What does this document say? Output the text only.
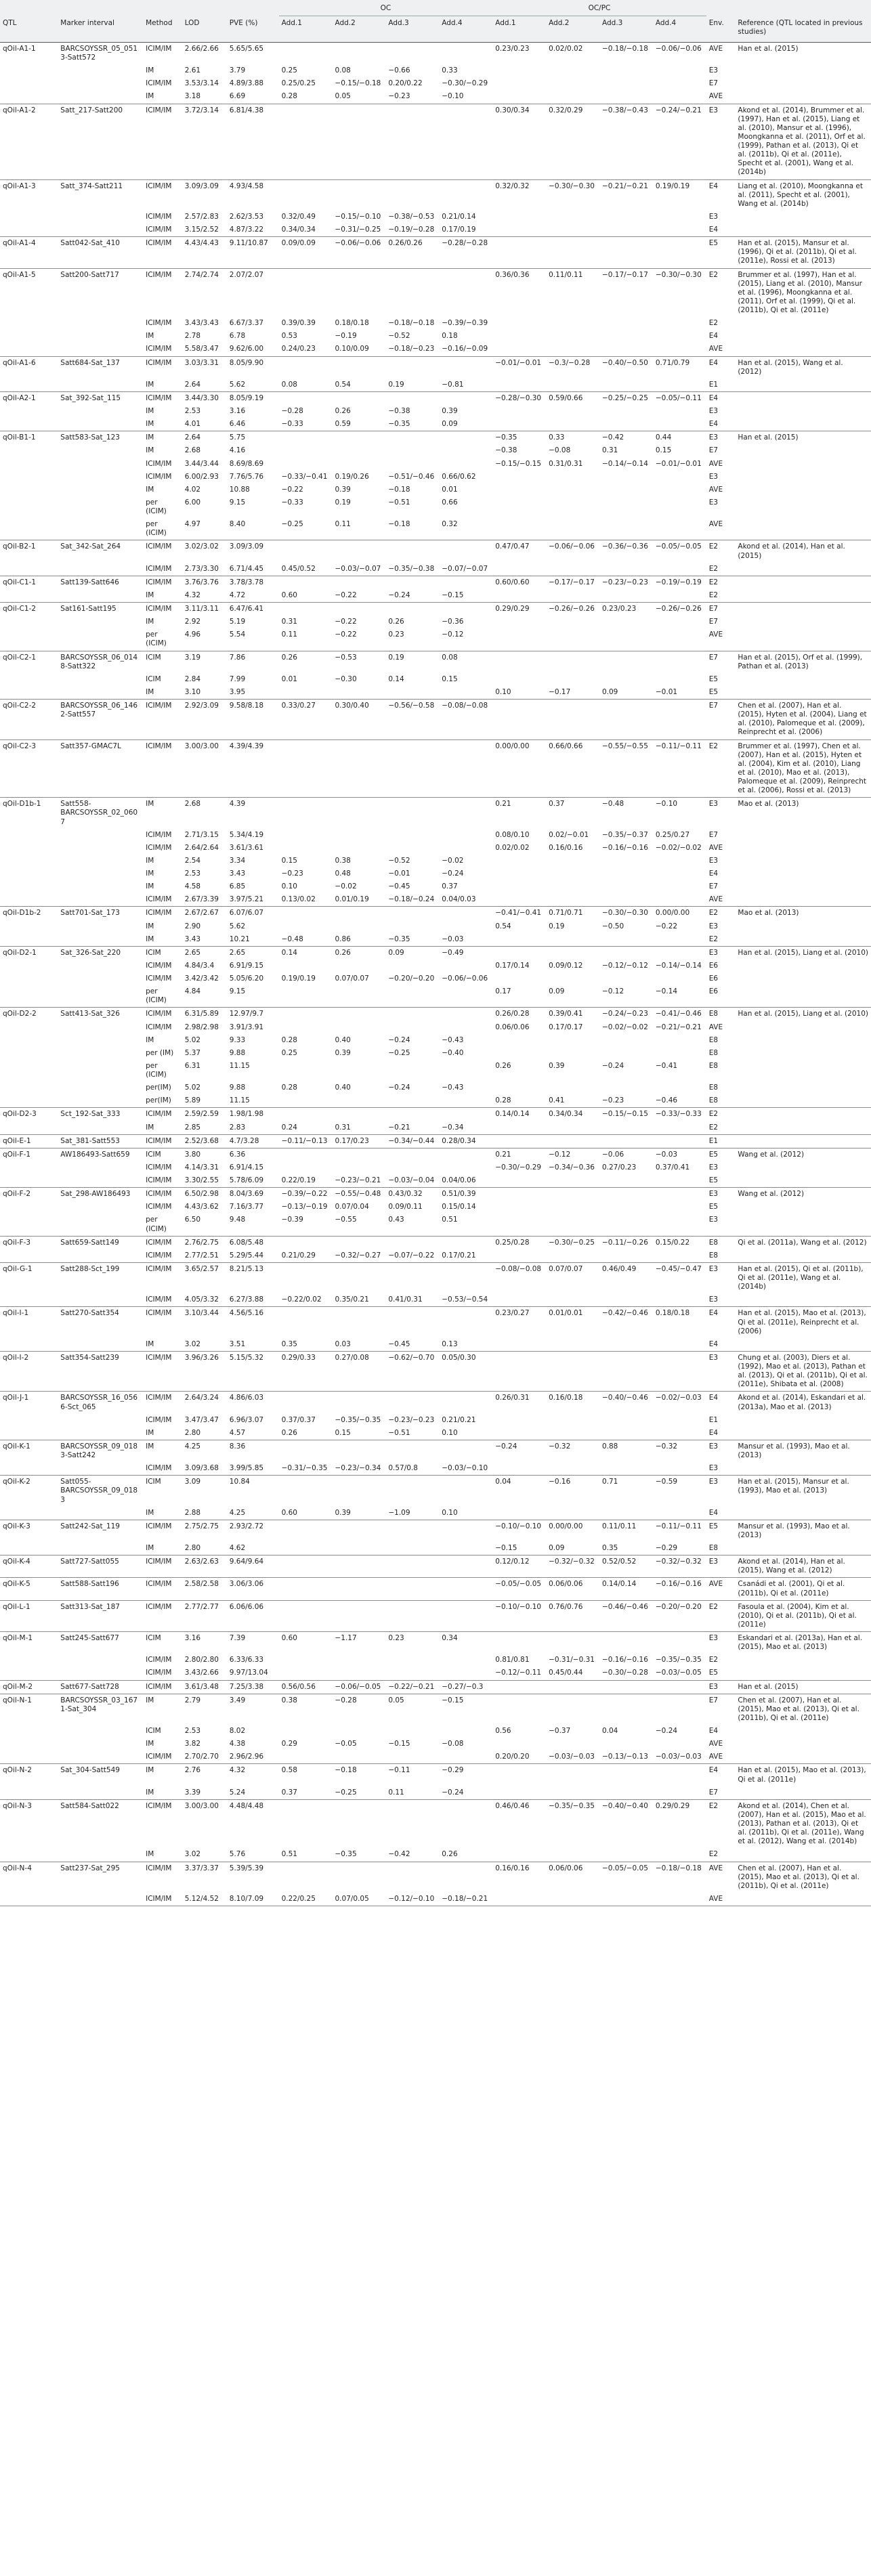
					OC				OC/PC					
QTL	Marker interval	Method	LOD	PVE (%)	Add.1	Add.2	Add.3	Add.4	Add.1	Add.2	Add.3	Add.4	Env.	Reference (QTL located in previous studies)
qOil-A1-1	BARCSOYSSR_05_0513-Satt572	ICIM/IM	2.66/2.66	5.65/5.65					0.23/0.23	0.02/0.02	−0.18/−0.18	−0.06/−0.06	AVE	Han et al. (2015)
		IM	2.61	3.79	0.25	0.08	−0.66	0.33					E3	
		ICIM/IM	3.53/3.14	4.89/3.88	0.25/0.25	−0.15/−0.18	0.20/0.22	−0.30/−0.29					E7	
		IM	3.18	6.69	0.28	0.05	−0.23	−0.10					AVE	
qOil-A1-2	Satt_217-Satt200	ICIM/IM	3.72/3.14	6.81/4.38					0.30/0.34	0.32/0.29	−0.38/−0.43	−0.24/−0.21	E3	Akond et al. (2014), Brummer et al. (1997), Han et al. (2015), Liang et al. (2010), Mansur et al. (1996), Moongkanna et al. (2011), Orf et al. (1999), Pathan et al. (2013), Qi et al. (2011b), Qi et al. (2011e), Specht et al. (2001), Wang et al. (2014b)
qOil-A1-3	Satt_374-Satt211	ICIM/IM	3.09/3.09	4.93/4.58					0.32/0.32	−0.30/−0.30	−0.21/−0.21	0.19/0.19	E4	Liang et al. (2010), Moongkanna et al. (2011), Specht et al. (2001), Wang et al. (2014b)
		ICIM/IM	2.57/2.83	2.62/3.53	0.32/0.49	−0.15/−0.10	−0.38/−0.53	0.21/0.14					E3	
		ICIM/IM	3.15/2.52	4.87/3.22	0.34/0.34	−0.31/−0.25	−0.19/−0.28	0.17/0.19					E4	
qOil-A1-4	Satt042-Sat_410	ICIM/IM	4.43/4.43	9.11/10.87	0.09/0.09	−0.06/−0.06	0.26/0.26	−0.28/−0.28					E5	Han et al. (2015), Mansur et al. (1996), Qi et al. (2011b), Qi et al. (2011e), Rossi et al. (2013)
qOil-A1-5	Satt200-Satt717	ICIM/IM	2.74/2.74	2.07/2.07					0.36/0.36	0.11/0.11	−0.17/−0.17	−0.30/−0.30	E2	Brummer et al. (1997), Han et al. (2015), Liang et al. (2010), Mansur et al. (1996), Moongkanna et al. (2011), Orf et al. (1999), Qi et al. (2011b), Qi et al. (2011e)
		ICIM/IM	3.43/3.43	6.67/3.37	0.39/0.39	0.18/0.18	−0.18/−0.18	−0.39/−0.39					E2	
		IM	2.78	6.78	0.53	−0.19	−0.52	0.18					E4	
		ICIM/IM	5.58/3.47	9.62/6.00	0.24/0.23	0.10/0.09	−0.18/−0.23	−0.16/−0.09					AVE	
qOil-A1-6	Satt684-Sat_137	ICIM/IM	3.03/3.31	8.05/9.90					−0.01/−0.01	−0.3/−0.28	−0.40/−0.50	0.71/0.79	E4	Han et al. (2015), Wang et al. (2012)
		IM	2.64	5.62	0.08	0.54	0.19	−0.81					E1	
qOil-A2-1	Sat_392-Sat_115	ICIM/IM	3.44/3.30	8.05/9.19					−0.28/−0.30	0.59/0.66	−0.25/−0.25	−0.05/−0.11	E4	
		IM	2.53	3.16	−0.28	0.26	−0.38	0.39					E3	
		IM	4.01	6.46	−0.33	0.59	−0.35	0.09					E4	
qOil-B1-1	Satt583-Sat_123	IM	2.64	5.75					−0.35	0.33	−0.42	0.44	E3	Han et al. (2015)
		IM	2.68	4.16					−0.38	−0.08	0.31	0.15	E7	
		ICIM/IM	3.44/3.44	8.69/8.69					−0.15/−0.15	0.31/0.31	−0.14/−0.14	−0.01/−0.01	AVE	
		ICIM/IM	6.00/2.93	7.76/5.76	−0.33/−0.41	0.19/0.26	−0.51/−0.46	0.66/0.62					E3	
		IM	4.02	10.88	−0.22	0.39	−0.18	0.01					AVE	
		per (ICIM)	6.00	9.15	−0.33	0.19	−0.51	0.66					E3	
		per (ICIM)	4.97	8.40	−0.25	0.11	−0.18	0.32					AVE	
qOil-B2-1	Sat_342-Sat_264	ICIM/IM	3.02/3.02	3.09/3.09					0.47/0.47	−0.06/−0.06	−0.36/−0.36	−0.05/−0.05	E2	Akond et al. (2014), Han et al. (2015)
		ICIM/IM	2.73/3.30	6.71/4.45	0.45/0.52	−0.03/−0.07	−0.35/−0.38	−0.07/−0.07					E2	
qOil-C1-1	Satt139-Satt646	ICIM/IM	3.76/3.76	3.78/3.78					0.60/0.60	−0.17/−0.17	−0.23/−0.23	−0.19/−0.19	E2	
		IM	4.32	4.72	0.60	−0.22	−0.24	−0.15					E2	
qOil-C1-2	Sat161-Satt195	ICIM/IM	3.11/3.11	6.47/6.41					0.29/0.29	−0.26/−0.26	0.23/0.23	−0.26/−0.26	E7	
		IM	2.92	5.19	0.31	−0.22	0.26	−0.36					E7	
		per (ICIM)	4.96	5.54	0.11	−0.22	0.23	−0.12					AVE	
qOil-C2-1	BARCSOYSSR_06_0148-Satt322	ICIM	3.19	7.86	0.26	−0.53	0.19	0.08					E7	Han et al. (2015), Orf et al. (1999), Pathan et al. (2013)
		ICIM	2.84	7.99	0.01	−0.30	0.14	0.15					E5	
		IM	3.10	3.95					0.10	−0.17	0.09	−0.01	E5	
qOil-C2-2	BARCSOYSSR_06_1462-Satt557	ICIM/IM	2.92/3.09	9.58/8.18	0.33/0.27	0.30/0.40	−0.56/−0.58	−0.08/−0.08					E7	Chen et al. (2007), Han et al. (2015), Hyten et al. (2004), Liang et al. (2010), Palomeque et al. (2009), Reinprecht et al. (2006)
qOil-C2-3	Satt357-GMAC7L	ICIM/IM	3.00/3.00	4.39/4.39					0.00/0.00	0.66/0.66	−0.55/−0.55	−0.11/−0.11	E2	Brummer et al. (1997), Chen et al. (2007), Han et al. (2015), Hyten et al. (2004), Kim et al. (2010), Liang et al. (2010), Mao et al. (2013), Palomeque et al. (2009), Reinprecht et al. (2006), Rossi et al. (2013)
qOil-D1b-1	Satt558-BARCSOYSSR_02_0607	IM	2.68	4.39					0.21	0.37	−0.48	−0.10	E3	Mao et al. (2013)
		ICIM/IM	2.71/3.15	5.34/4.19					0.08/0.10	0.02/−0.01	−0.35/−0.37	0.25/0.27	E7	
		ICIM/IM	2.64/2.64	3.61/3.61					0.02/0.02	0.16/0.16	−0.16/−0.16	−0.02/−0.02	AVE	
		IM	2.54	3.34	0.15	0.38	−0.52	−0.02					E3	
		IM	2.53	3.43	−0.23	0.48	−0.01	−0.24					E4	
		IM	4.58	6.85	0.10	−0.02	−0.45	0.37					E7	
		ICIM/IM	2.67/3.39	3.97/5.21	0.13/0.02	0.01/0.19	−0.18/−0.24	0.04/0.03					AVE	
qOil-D1b-2	Satt701-Sat_173	ICIM/IM	2.67/2.67	6.07/6.07					−0.41/−0.41	0.71/0.71	−0.30/−0.30	0.00/0.00	E2	Mao et al. (2013)
		IM	2.90	5.62					0.54	0.19	−0.50	−0.22	E3	
		IM	3.43	10.21	−0.48	0.86	−0.35	−0.03					E2	
qOil-D2-1	Sat_326-Sat_220	ICIM	2.65	2.65	0.14	0.26	0.09	−0.49					E3	Han et al. (2015), Liang et al. (2010)
		ICIM/IM	4.84/3.4	6.91/9.15					0.17/0.14	0.09/0.12	−0.12/−0.12	−0.14/−0.14	E6	
		ICIM/IM	3.42/3.42	5.05/6.20	0.19/0.19	0.07/0.07	−0.20/−0.20	−0.06/−0.06					E6	
		per (ICIM)	4.84	9.15					0.17	0.09	−0.12	−0.14	E6	
qOil-D2-2	Satt413-Sat_326	ICIM/IM	6.31/5.89	12.97/9.7					0.26/0.28	0.39/0.41	−0.24/−0.23	−0.41/−0.46	E8	Han et al. (2015), Liang et al. (2010)
		ICIM/IM	2.98/2.98	3.91/3.91					0.06/0.06	0.17/0.17	−0.02/−0.02	−0.21/−0.21	AVE	
		IM	5.02	9.33	0.28	0.40	−0.24	−0.43					E8	
		per (IM)	5.37	9.88	0.25	0.39	−0.25	−0.40					E8	
		per (ICIM)	6.31	11.15					0.26	0.39	−0.24	−0.41	E8	
		per(IM)	5.02	9.88	0.28	0.40	−0.24	−0.43					E8	
		per(IM)	5.89	11.15					0.28	0.41	−0.23	−0.46	E8	
qOil-D2-3	Sct_192-Sat_333	ICIM/IM	2.59/2.59	1.98/1.98					0.14/0.14	0.34/0.34	−0.15/−0.15	−0.33/−0.33	E2	
		IM	2.85	2.83	0.24	0.31	−0.21	−0.34					E2	
qOil-E-1	Sat_381-Satt553	ICIM/IM	2.52/3.68	4.7/3.28	−0.11/−0.13	0.17/0.23	−0.34/−0.44	0.28/0.34					E1	
qOil-F-1	AW186493-Satt659	ICIM	3.80	6.36					0.21	−0.12	−0.06	−0.03	E5	Wang et al. (2012)
		ICIM/IM	4.14/3.31	6.91/4.15					−0.30/−0.29	−0.34/−0.36	0.27/0.23	0.37/0.41	E3	
		ICIM/IM	3.30/2.55	5.78/6.09	0.22/0.19	−0.23/−0.21	−0.03/−0.04	0.04/0.06					E5	
qOil-F-2	Sat_298-AW186493	ICIM/IM	6.50/2.98	8.04/3.69	−0.39/−0.22	−0.55/−0.48	0.43/0.32	0.51/0.39					E3	Wang et al. (2012)
		ICIM/IM	4.43/3.62	7.16/3.77	−0.13/−0.19	0.07/0.04	0.09/0.11	0.15/0.14					E5	
		per (ICIM)	6.50	9.48	−0.39	−0.55	0.43	0.51					E3	
qOil-F-3	Satt659-Satt149	ICIM/IM	2.76/2.75	6.08/5.48					0.25/0.28	−0.30/−0.25	−0.11/−0.26	0.15/0.22	E8	Qi et al. (2011a), Wang et al. (2012)
		ICIM/IM	2.77/2.51	5.29/5.44	0.21/0.29	−0.32/−0.27	−0.07/−0.22	0.17/0.21					E8	
qOil-G-1	Satt288-Sct_199	ICIM/IM	3.65/2.57	8.21/5.13					−0.08/−0.08	0.07/0.07	0.46/0.49	−0.45/−0.47	E3	Han et al. (2015), Qi et al. (2011b), Qi et al. (2011e), Wang et al. (2014b)
		ICIM/IM	4.05/3.32	6.27/3.88	−0.22/0.02	0.35/0.21	0.41/0.31	−0.53/−0.54					E3	
qOil-I-1	Satt270-Satt354	ICIM/IM	3.10/3.44	4.56/5.16					0.23/0.27	0.01/0.01	−0.42/−0.46	0.18/0.18	E4	Han et al. (2015), Mao et al. (2013), Qi et al. (2011e), Reinprecht et al. (2006)
		IM	3.02	3.51	0.35	0.03	−0.45	0.13					E4	
qOil-I-2	Satt354-Satt239	ICIM/IM	3.96/3.26	5.15/5.32	0.29/0.33	0.27/0.08	−0.62/−0.70	0.05/0.30					E3	Chung et al. (2003), Diers et al. (1992), Mao et al. (2013), Pathan et al. (2013), Qi et al. (2011b), Qi et al. (2011e), Shibata et al. (2008)
qOil-J-1	BARCSOYSSR_16_0566-Sct_065	ICIM/IM	2.64/3.24	4.86/6.03					0.26/0.31	0.16/0.18	−0.40/−0.46	−0.02/−0.03	E4	Akond et al. (2014), Eskandari et al. (2013a), Mao et al. (2013)
		ICIM/IM	3.47/3.47	6.96/3.07	0.37/0.37	−0.35/−0.35	−0.23/−0.23	0.21/0.21					E1	
		IM	2.80	4.57	0.26	0.15	−0.51	0.10					E4	
qOil-K-1	BARCSOYSSR_09_0183-Satt242	IM	4.25	8.36					−0.24	−0.32	0.88	−0.32	E3	Mansur et al. (1993), Mao et al. (2013)
		ICIM/IM	3.09/3.68	3.99/5.85	−0.31/−0.35	−0.23/−0.34	0.57/0.8	−0.03/−0.10					E3	
qOil-K-2	Satt055-BARCSOYSSR_09_0183	ICIM	3.09	10.84					0.04	−0.16	0.71	−0.59	E3	Han et al. (2015), Mansur et al. (1993), Mao et al. (2013)
		IM	2.88	4.25	0.60	0.39	−1.09	0.10					E4	
qOil-K-3	Satt242-Sat_119	ICIM/IM	2.75/2.75	2.93/2.72					−0.10/−0.10	0.00/0.00	0.11/0.11	−0.11/−0.11	E5	Mansur et al. (1993), Mao et al. (2013)
		IM	2.80	4.62					−0.15	0.09	0.35	−0.29	E8	
qOil-K-4	Satt727-Satt055	ICIM/IM	2.63/2.63	9.64/9.64					0.12/0.12	−0.32/−0.32	0.52/0.52	−0.32/−0.32	E3	Akond et al. (2014), Han et al. (2015), Wang et al. (2012)
qOil-K-5	Satt588-Satt196	ICIM/IM	2.58/2.58	3.06/3.06					−0.05/−0.05	0.06/0.06	0.14/0.14	−0.16/−0.16	AVE	Csanádi et al. (2001), Qi et al. (2011b), Qi et al. (2011e)
qOil-L-1	Satt313-Sat_187	ICIM/IM	2.77/2.77	6.06/6.06					−0.10/−0.10	0.76/0.76	−0.46/−0.46	−0.20/−0.20	E2	Fasoula et al. (2004), Kim et al. (2010), Qi et al. (2011b), Qi et al. (2011e)
qOil-M-1	Satt245-Satt677	ICIM	3.16	7.39	0.60	−1.17	0.23	0.34					E3	Eskandari et al. (2013a), Han et al. (2015), Mao et al. (2013)
		ICIM/IM	2.80/2.80	6.33/6.33					0.81/0.81	−0.31/−0.31	−0.16/−0.16	−0.35/−0.35	E2	
		ICIM/IM	3.43/2.66	9.97/13.04					−0.12/−0.11	0.45/0.44	−0.30/−0.28	−0.03/−0.05	E5	
qOil-M-2	Satt677-Satt728	ICIM/IM	3.61/3.48	7.25/3.38	0.56/0.56	−0.06/−0.05	−0.22/−0.21	−0.27/−0.3					E3	Han et al. (2015)
qOil-N-1	BARCSOYSSR_03_1671-Sat_304	IM	2.79	3.49	0.38	−0.28	0.05	−0.15					E7	Chen et al. (2007), Han et al. (2015), Mao et al. (2013), Qi et al. (2011b), Qi et al. (2011e)
		ICIM	2.53	8.02					0.56	−0.37	0.04	−0.24	E4	
		IM	3.82	4.38	0.29	−0.05	−0.15	−0.08					AVE	
		ICIM/IM	2.70/2.70	2.96/2.96					0.20/0.20	−0.03/−0.03	−0.13/−0.13	−0.03/−0.03	AVE	
qOil-N-2	Sat_304-Satt549	IM	2.76	4.32	0.58	−0.18	−0.11	−0.29					E4	Han et al. (2015), Mao et al. (2013), Qi et al. (2011e)
		IM	3.39	5.24	0.37	−0.25	0.11	−0.24					E7	
qOil-N-3	Satt584-Satt022	ICIM/IM	3.00/3.00	4.48/4.48					0.46/0.46	−0.35/−0.35	−0.40/−0.40	0.29/0.29	E2	Akond et al. (2014), Chen et al. (2007), Han et al. (2015), Mao et al. (2013), Pathan et al. (2013), Qi et al. (2011b), Qi et al. (2011e), Wang et al. (2012), Wang et al. (2014b)
		IM	3.02	5.76	0.51	−0.35	−0.42	0.26					E2	
qOil-N-4	Satt237-Sat_295	ICIM/IM	3.37/3.37	5.39/5.39					0.16/0.16	0.06/0.06	−0.05/−0.05	−0.18/−0.18	AVE	Chen et al. (2007), Han et al. (2015), Mao et al. (2013), Qi et al. (2011b), Qi et al. (2011e)
		ICIM/IM	5.12/4.52	8.10/7.09	0.22/0.25	0.07/0.05	−0.12/−0.10	−0.18/−0.21					AVE	
